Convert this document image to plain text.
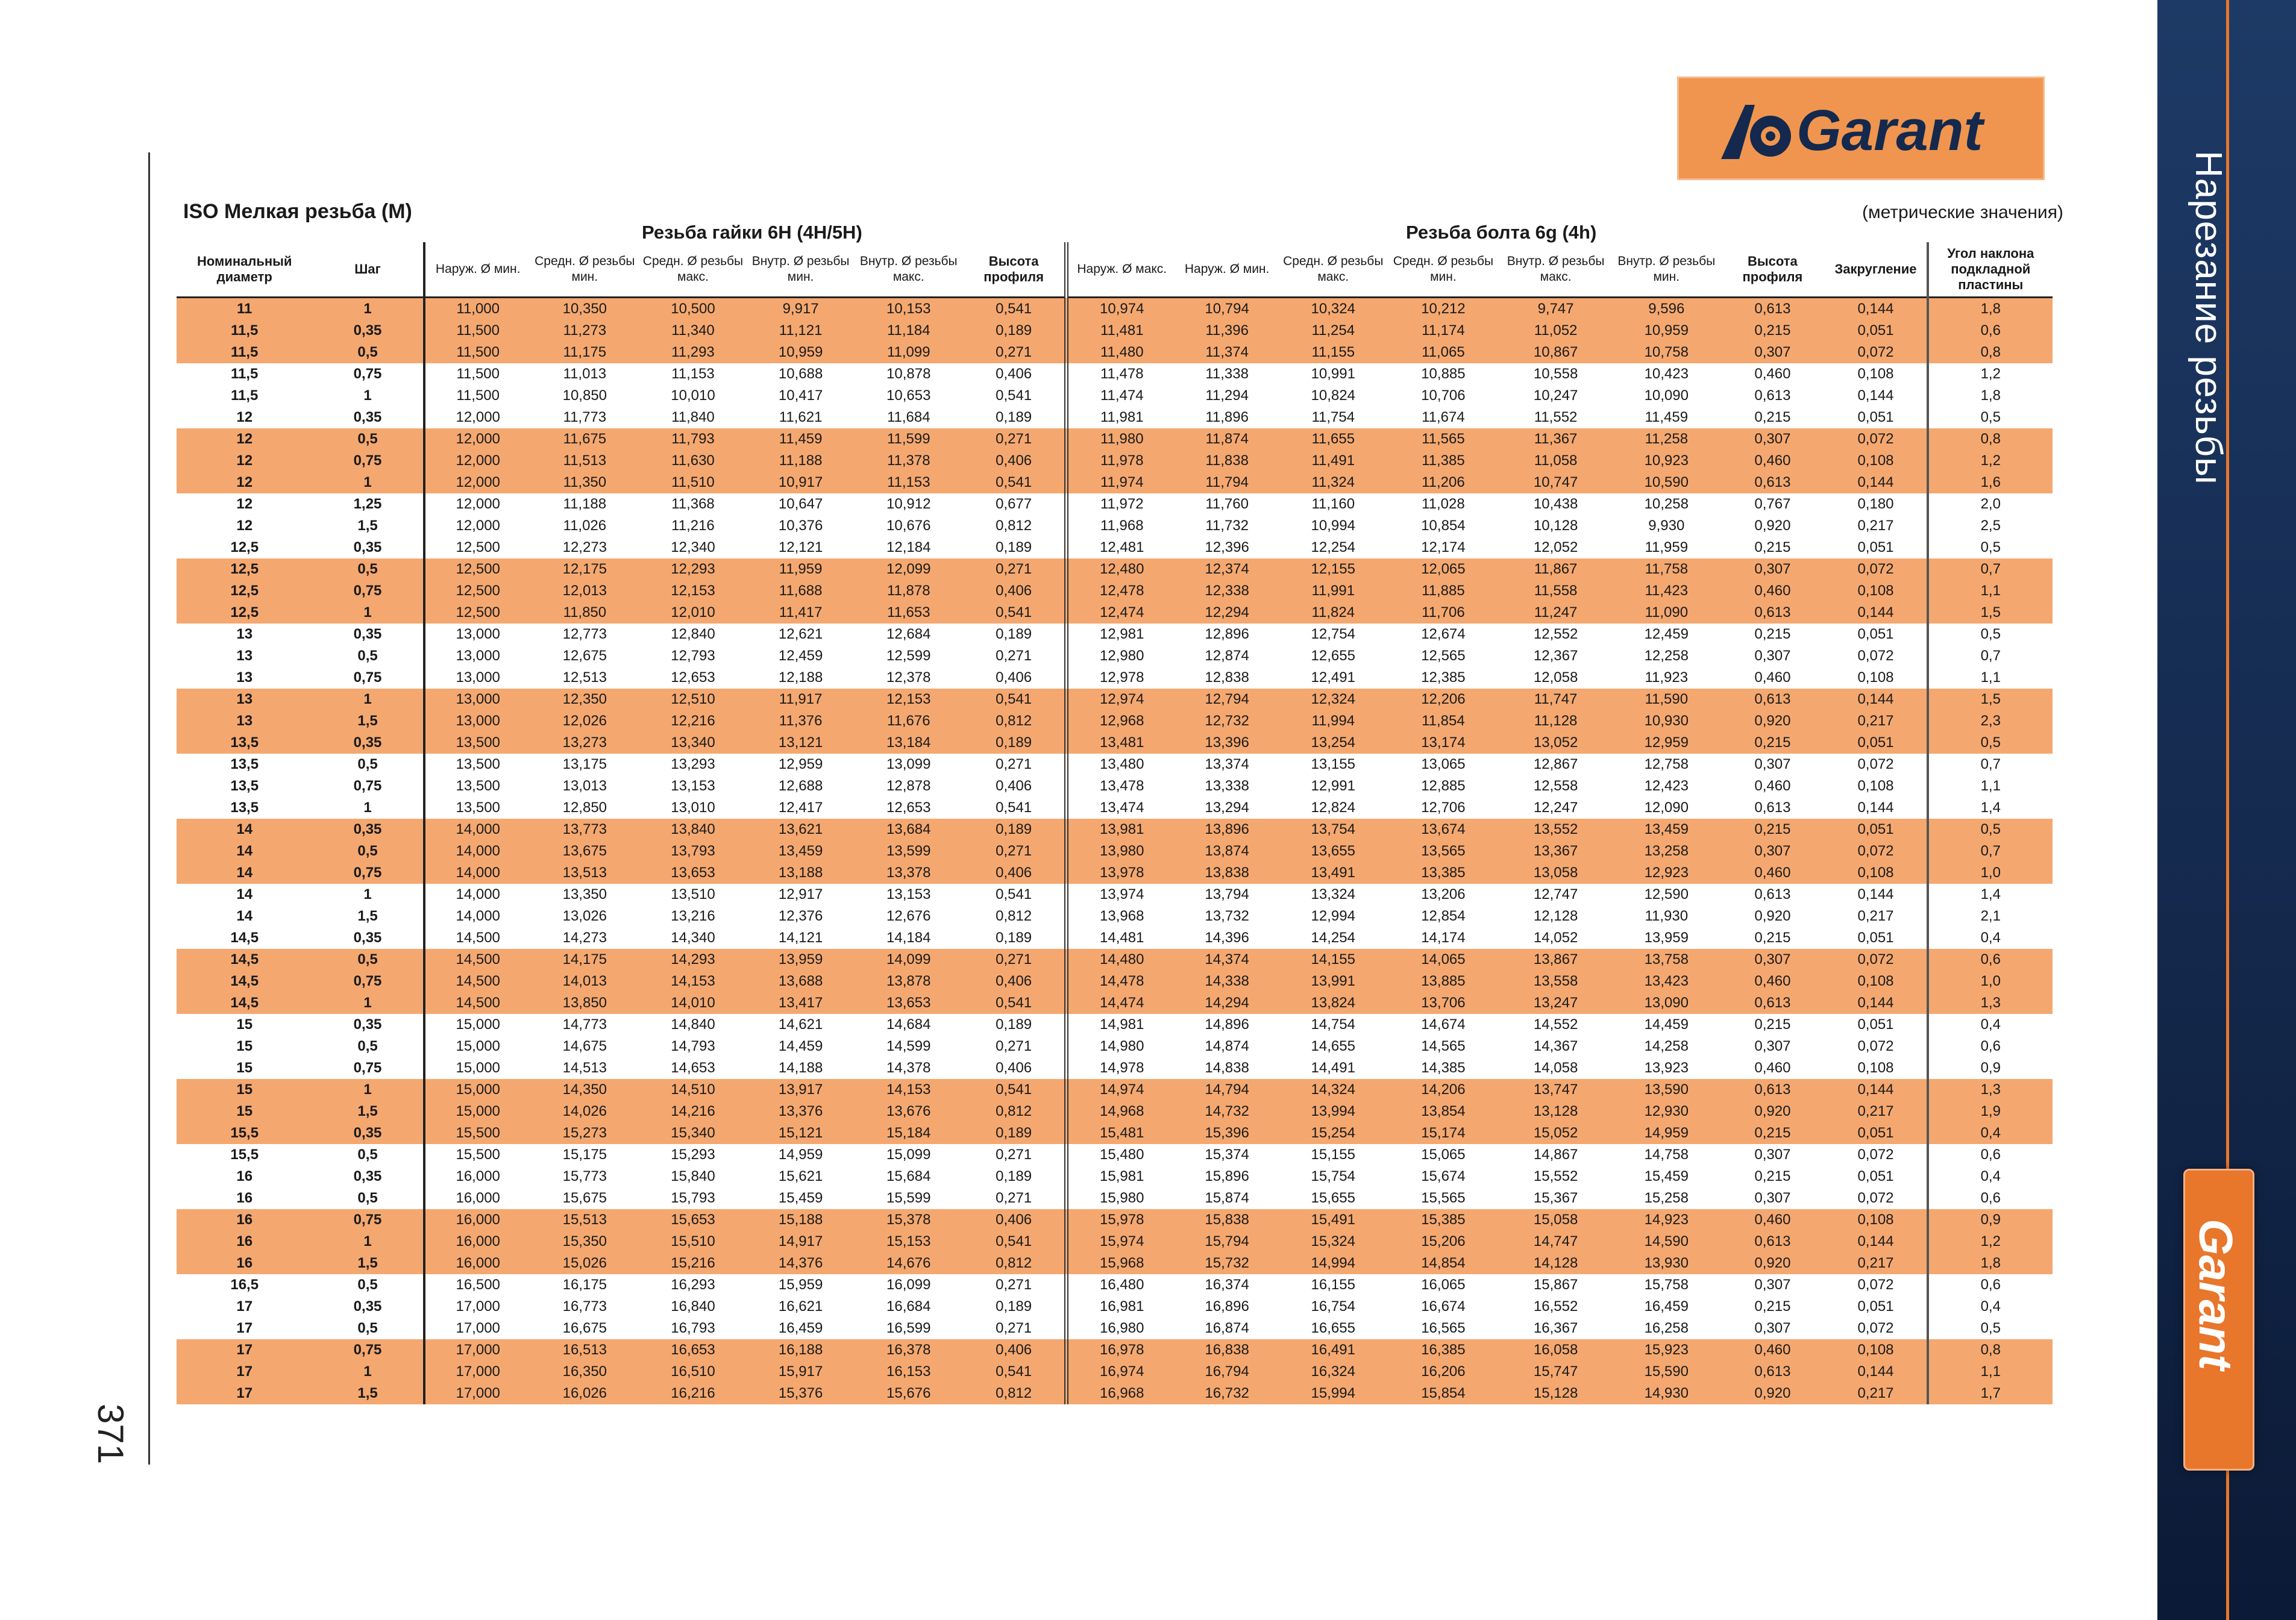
Нарезание резьбы
Garant
Garant
371
ISO Мелкая резьба (M)	(метрические значения)
Резьба гайки 6H (4H/5H)	Резьба болта 6g (4h)
Номинальный диаметр	Шаг	Наруж. Ø мин.	Средн. Ø резьбы мин.	Средн. Ø резьбы макс.	Внутр. Ø резьбы мин.	Внутр. Ø резьбы макс.	Высота профиля	Наруж. Ø макс.	Наруж. Ø мин.	Средн. Ø резьбы макс.	Средн. Ø резьбы мин.	Внутр. Ø резьбы макс.	Внутр. Ø резьбы мин.	Высота профиля	Закругление	Угол наклона подкладной пластины
11	1	11,000	10,350	10,500	9,917	10,153	0,541	10,974	10,794	10,324	10,212	9,747	9,596	0,613	0,144	1,8
11,5	0,35	11,500	11,273	11,340	11,121	11,184	0,189	11,481	11,396	11,254	11,174	11,052	10,959	0,215	0,051	0,6
11,5	0,5	11,500	11,175	11,293	10,959	11,099	0,271	11,480	11,374	11,155	11,065	10,867	10,758	0,307	0,072	0,8
11,5	0,75	11,500	11,013	11,153	10,688	10,878	0,406	11,478	11,338	10,991	10,885	10,558	10,423	0,460	0,108	1,2
11,5	1	11,500	10,850	10,010	10,417	10,653	0,541	11,474	11,294	10,824	10,706	10,247	10,090	0,613	0,144	1,8
12	0,35	12,000	11,773	11,840	11,621	11,684	0,189	11,981	11,896	11,754	11,674	11,552	11,459	0,215	0,051	0,5
12	0,5	12,000	11,675	11,793	11,459	11,599	0,271	11,980	11,874	11,655	11,565	11,367	11,258	0,307	0,072	0,8
12	0,75	12,000	11,513	11,630	11,188	11,378	0,406	11,978	11,838	11,491	11,385	11,058	10,923	0,460	0,108	1,2
12	1	12,000	11,350	11,510	10,917	11,153	0,541	11,974	11,794	11,324	11,206	10,747	10,590	0,613	0,144	1,6
12	1,25	12,000	11,188	11,368	10,647	10,912	0,677	11,972	11,760	11,160	11,028	10,438	10,258	0,767	0,180	2,0
12	1,5	12,000	11,026	11,216	10,376	10,676	0,812	11,968	11,732	10,994	10,854	10,128	9,930	0,920	0,217	2,5
12,5	0,35	12,500	12,273	12,340	12,121	12,184	0,189	12,481	12,396	12,254	12,174	12,052	11,959	0,215	0,051	0,5
12,5	0,5	12,500	12,175	12,293	11,959	12,099	0,271	12,480	12,374	12,155	12,065	11,867	11,758	0,307	0,072	0,7
12,5	0,75	12,500	12,013	12,153	11,688	11,878	0,406	12,478	12,338	11,991	11,885	11,558	11,423	0,460	0,108	1,1
12,5	1	12,500	11,850	12,010	11,417	11,653	0,541	12,474	12,294	11,824	11,706	11,247	11,090	0,613	0,144	1,5
13	0,35	13,000	12,773	12,840	12,621	12,684	0,189	12,981	12,896	12,754	12,674	12,552	12,459	0,215	0,051	0,5
13	0,5	13,000	12,675	12,793	12,459	12,599	0,271	12,980	12,874	12,655	12,565	12,367	12,258	0,307	0,072	0,7
13	0,75	13,000	12,513	12,653	12,188	12,378	0,406	12,978	12,838	12,491	12,385	12,058	11,923	0,460	0,108	1,1
13	1	13,000	12,350	12,510	11,917	12,153	0,541	12,974	12,794	12,324	12,206	11,747	11,590	0,613	0,144	1,5
13	1,5	13,000	12,026	12,216	11,376	11,676	0,812	12,968	12,732	11,994	11,854	11,128	10,930	0,920	0,217	2,3
13,5	0,35	13,500	13,273	13,340	13,121	13,184	0,189	13,481	13,396	13,254	13,174	13,052	12,959	0,215	0,051	0,5
13,5	0,5	13,500	13,175	13,293	12,959	13,099	0,271	13,480	13,374	13,155	13,065	12,867	12,758	0,307	0,072	0,7
13,5	0,75	13,500	13,013	13,153	12,688	12,878	0,406	13,478	13,338	12,991	12,885	12,558	12,423	0,460	0,108	1,1
13,5	1	13,500	12,850	13,010	12,417	12,653	0,541	13,474	13,294	12,824	12,706	12,247	12,090	0,613	0,144	1,4
14	0,35	14,000	13,773	13,840	13,621	13,684	0,189	13,981	13,896	13,754	13,674	13,552	13,459	0,215	0,051	0,5
14	0,5	14,000	13,675	13,793	13,459	13,599	0,271	13,980	13,874	13,655	13,565	13,367	13,258	0,307	0,072	0,7
14	0,75	14,000	13,513	13,653	13,188	13,378	0,406	13,978	13,838	13,491	13,385	13,058	12,923	0,460	0,108	1,0
14	1	14,000	13,350	13,510	12,917	13,153	0,541	13,974	13,794	13,324	13,206	12,747	12,590	0,613	0,144	1,4
14	1,5	14,000	13,026	13,216	12,376	12,676	0,812	13,968	13,732	12,994	12,854	12,128	11,930	0,920	0,217	2,1
14,5	0,35	14,500	14,273	14,340	14,121	14,184	0,189	14,481	14,396	14,254	14,174	14,052	13,959	0,215	0,051	0,4
14,5	0,5	14,500	14,175	14,293	13,959	14,099	0,271	14,480	14,374	14,155	14,065	13,867	13,758	0,307	0,072	0,6
14,5	0,75	14,500	14,013	14,153	13,688	13,878	0,406	14,478	14,338	13,991	13,885	13,558	13,423	0,460	0,108	1,0
14,5	1	14,500	13,850	14,010	13,417	13,653	0,541	14,474	14,294	13,824	13,706	13,247	13,090	0,613	0,144	1,3
15	0,35	15,000	14,773	14,840	14,621	14,684	0,189	14,981	14,896	14,754	14,674	14,552	14,459	0,215	0,051	0,4
15	0,5	15,000	14,675	14,793	14,459	14,599	0,271	14,980	14,874	14,655	14,565	14,367	14,258	0,307	0,072	0,6
15	0,75	15,000	14,513	14,653	14,188	14,378	0,406	14,978	14,838	14,491	14,385	14,058	13,923	0,460	0,108	0,9
15	1	15,000	14,350	14,510	13,917	14,153	0,541	14,974	14,794	14,324	14,206	13,747	13,590	0,613	0,144	1,3
15	1,5	15,000	14,026	14,216	13,376	13,676	0,812	14,968	14,732	13,994	13,854	13,128	12,930	0,920	0,217	1,9
15,5	0,35	15,500	15,273	15,340	15,121	15,184	0,189	15,481	15,396	15,254	15,174	15,052	14,959	0,215	0,051	0,4
15,5	0,5	15,500	15,175	15,293	14,959	15,099	0,271	15,480	15,374	15,155	15,065	14,867	14,758	0,307	0,072	0,6
16	0,35	16,000	15,773	15,840	15,621	15,684	0,189	15,981	15,896	15,754	15,674	15,552	15,459	0,215	0,051	0,4
16	0,5	16,000	15,675	15,793	15,459	15,599	0,271	15,980	15,874	15,655	15,565	15,367	15,258	0,307	0,072	0,6
16	0,75	16,000	15,513	15,653	15,188	15,378	0,406	15,978	15,838	15,491	15,385	15,058	14,923	0,460	0,108	0,9
16	1	16,000	15,350	15,510	14,917	15,153	0,541	15,974	15,794	15,324	15,206	14,747	14,590	0,613	0,144	1,2
16	1,5	16,000	15,026	15,216	14,376	14,676	0,812	15,968	15,732	14,994	14,854	14,128	13,930	0,920	0,217	1,8
16,5	0,5	16,500	16,175	16,293	15,959	16,099	0,271	16,480	16,374	16,155	16,065	15,867	15,758	0,307	0,072	0,6
17	0,35	17,000	16,773	16,840	16,621	16,684	0,189	16,981	16,896	16,754	16,674	16,552	16,459	0,215	0,051	0,4
17	0,5	17,000	16,675	16,793	16,459	16,599	0,271	16,980	16,874	16,655	16,565	16,367	16,258	0,307	0,072	0,5
17	0,75	17,000	16,513	16,653	16,188	16,378	0,406	16,978	16,838	16,491	16,385	16,058	15,923	0,460	0,108	0,8
17	1	17,000	16,350	16,510	15,917	16,153	0,541	16,974	16,794	16,324	16,206	15,747	15,590	0,613	0,144	1,1
17	1,5	17,000	16,026	16,216	15,376	15,676	0,812	16,968	16,732	15,994	15,854	15,128	14,930	0,920	0,217	1,7
